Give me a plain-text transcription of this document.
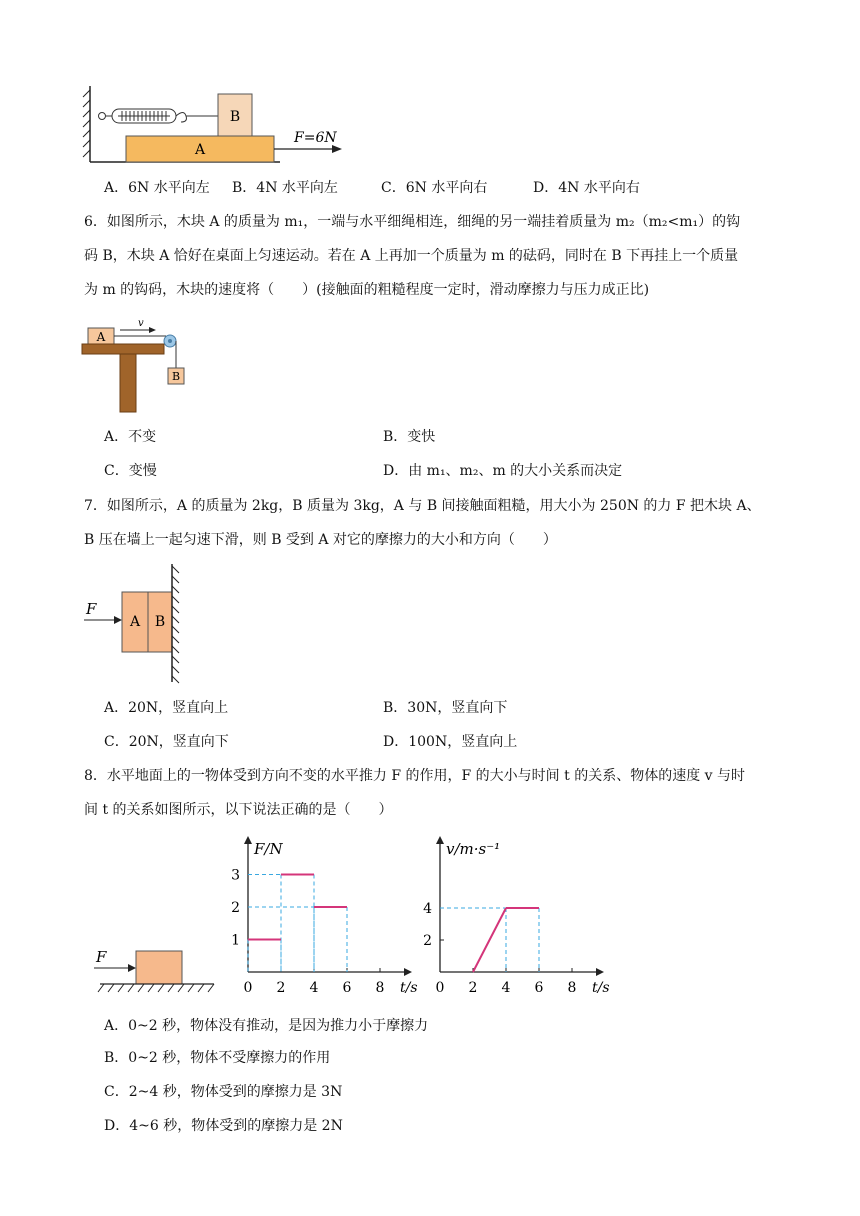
B
A
F=6N
A．6N 水平向左 B．4N 水平向左	C．6N 水平向右	D．4N 水平向右
6．如图所示，木块 A 的质量为 m₁，一端与水平细绳相连，细绳的另一端挂着质量为 m₂（m₂<m₁）的钩
码 B，木块 A 恰好在桌面上匀速运动。若在 A 上再加一个质量为 m 的砝码，同时在 B 下再挂上一个质量
为 m 的钩码，木块的速度将（　　）(接触面的粗糙程度一定时，滑动摩擦力与压力成正比)
A
v
B
A．不变	B．变快
C．变慢	D．由 m₁、m₂、m 的大小关系而决定
7．如图所示，A 的质量为 2kg，B 质量为 3kg，A 与 B 间接触面粗糙，用大小为 250N 的力 F 把木块 A、
B 压在墙上一起匀速下滑，则 B 受到 A 对它的摩擦力的大小和方向（　　）
F
A B
A．20N，竖直向上	B．30N，竖直向下
C．20N，竖直向下	D．100N，竖直向上
8．水平地面上的一物体受到方向不变的水平推力 F 的作用，F 的大小与时间 t 的关系、物体的速度 v 与时
间 t 的关系如图所示，以下说法正确的是（　　）
F
0 2 4 6 8
1
2
3
t/s
F/N
0 2 4 6 8
2
4
t/s
v/m·s⁻¹
A．0~2 秒，物体没有推动，是因为推力小于摩擦力
B．0~2 秒，物体不受摩擦力的作用
C．2~4 秒，物体受到的摩擦力是 3N
D．4~6 秒，物体受到的摩擦力是 2N
